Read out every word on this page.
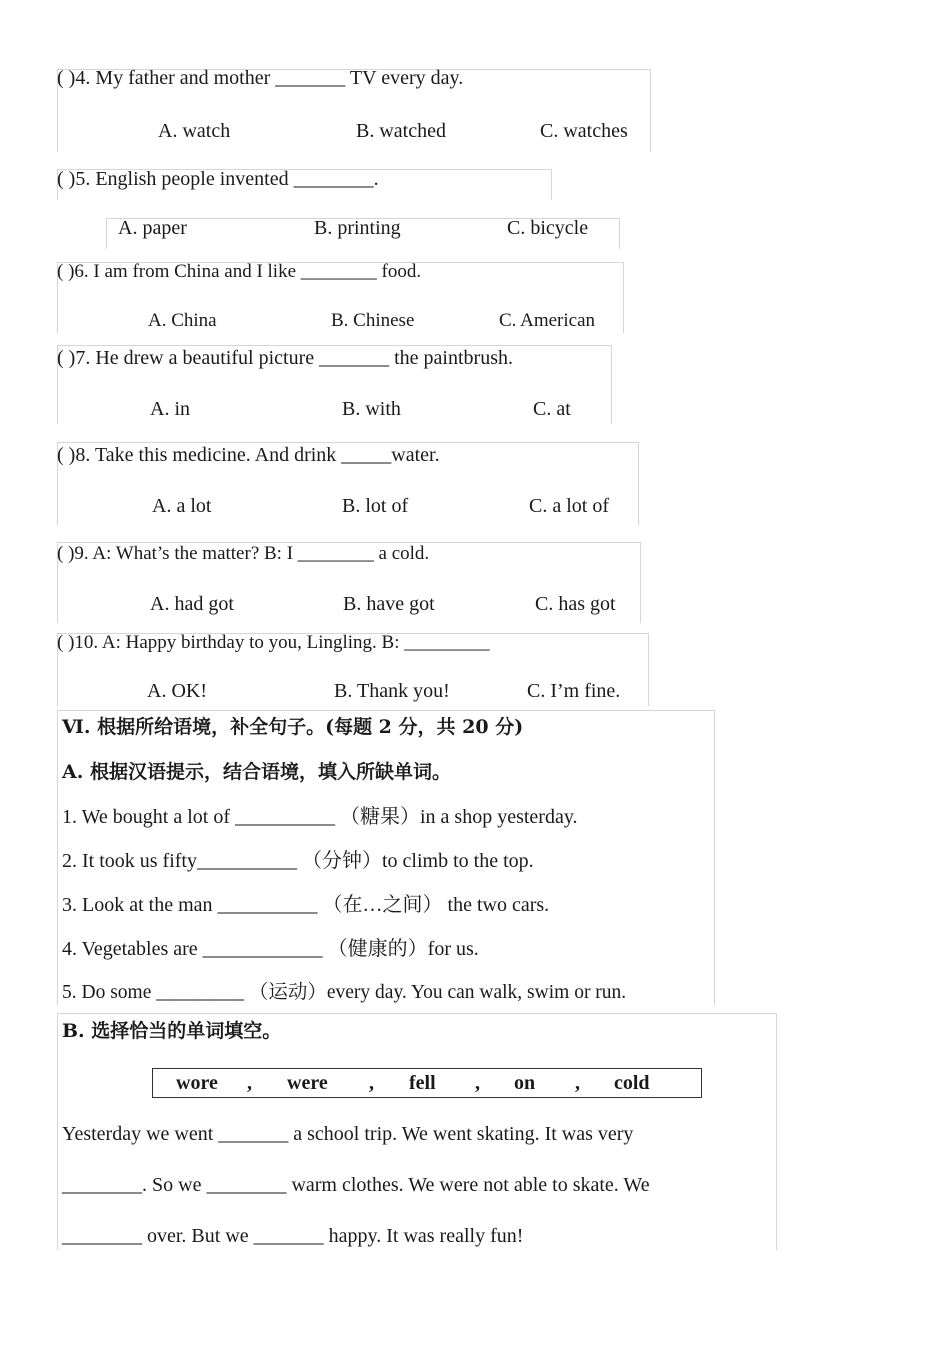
( )4. My father and mother _______ TV every day.
A. watch	B. watched	C. watches
( )5. English people invented ________.
A. paper	B. printing	C. bicycle
( )6. I am from China and I like ________ food.
A. China	B. Chinese	C. American
( )7. He drew a beautiful picture _______ the paintbrush.
A. in	B. with	C. at
( )8. Take this medicine. And drink _____water.
A. a lot	B. lot of	C. a lot of
( )9. A: What’s the matter? B: I ________ a cold.
A. had got	B. have got	C. has got
( )10. A: Happy birthday to you, Lingling. B: _________
A. OK!	B. Thank you!	C. I’m fine.
Ⅵ. 根据所给语境，补全句子。(每题 2 分，共 20 分)
A. 根据汉语提示，结合语境，填入所缺单词。
1. We bought a lot of __________ （糖果）in a shop yesterday.
2. It took us fifty__________ （分钟）to climb to the top.
3. Look at the man __________ （在…之间） the two cars.
4. Vegetables are ____________ （健康的）for us.
5. Do some _________ （运动）every day. You can walk, swim or run.
B. 选择恰当的单词填空。
wore , were , fell , on , cold
Yesterday we went _______ a school trip. We went skating. It was very
________. So we ________ warm clothes. We were not able to skate. We
________ over. But we _______ happy. It was really fun!
